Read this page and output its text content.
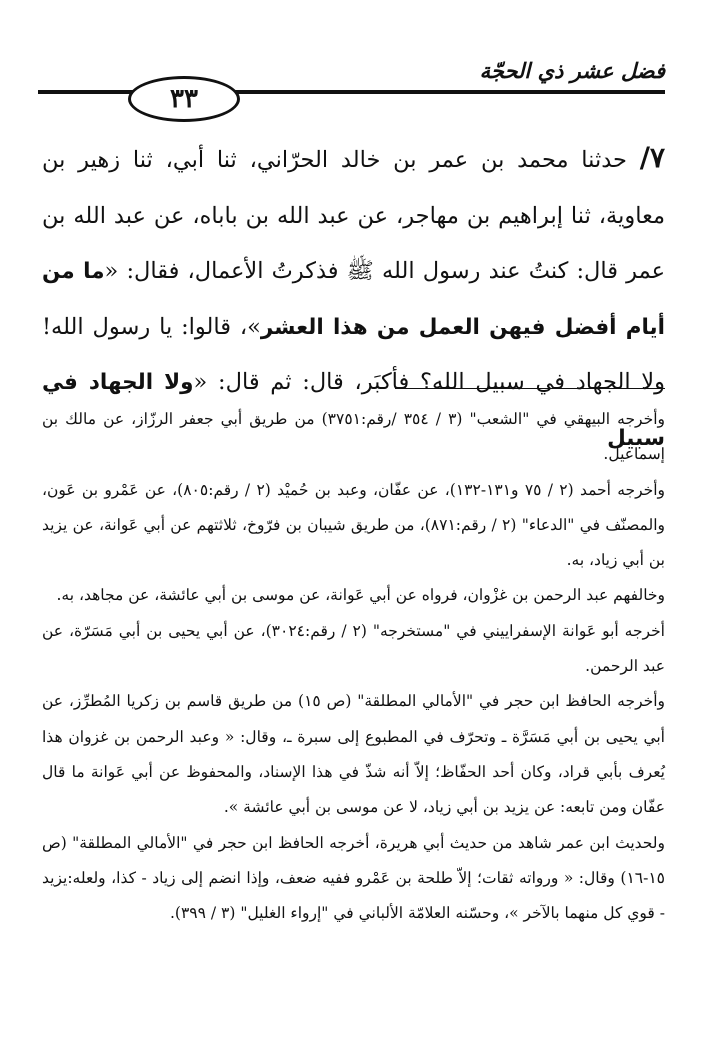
فضل عشر ذي الحجّة
٣٣
٧/ حدثنا محمد بن عمر بن خالد الحرّاني، ثنا أبي، ثنا زهير بن معاوية، ثنا إبراهيم بن مهاجر، عن عبد الله بن باباه، عن عبد الله بن عمر قال: كنتُ عند رسول الله ﷺ فذكرتُ الأعمال، فقال: «ما من أيام أفضل فيهن العمل من هذا العشر»، قالوا: يا رسول الله! ولا الجهاد في سبيل الله؟ فأكبَر، قال: ثم قال: «ولا الجهاد في سبيل

وأخرجه البيهقي في "الشعب" (٣ / ٣٥٤ /رقم:٣٧٥١) من طريق أبي جعفر الرزّاز، عن مالك بن إسماعيل.

وأخرجه أحمد (٢ / ٧٥ و١٣١-١٣٢)، عن عفّان، وعبد بن حُميْد (٢ / رقم:٨٠٥)، عن عَمْرو بن عَون، والمصنّف في "الدعاء" (٢ / رقم:٨٧١)، من طريق شيبان بن فرّوخ، ثلاثتهم عن أبي عَوانة، عن يزيد بن أبي زياد، به.

وخالفهم عبد الرحمن بن غزْوان، فرواه عن أبي عَوانة، عن موسى بن أبي عائشة، عن مجاهد، به.

أخرجه أبو عَوانة الإسفراييني في "مستخرجه" (٢ / رقم:٣٠٢٤)، عن أبي يحيى بن أبي مَسَرّة، عن عبد الرحمن.

وأخرجه الحافظ ابن حجر في "الأمالي المطلقة" (ص ١٥) من طريق قاسم بن زكريا المُطرِّز، عن أبي يحيى بن أبي مَسَرَّة ـ وتحرّف في المطبوع إلى سبرة ـ، وقال: « وعبد الرحمن بن غزوان هذا يُعرف بأبي قراد، وكان أحد الحفّاظ؛ إلاّ أنه شذّ في هذا الإسناد، والمحفوظ عن أبي عَوانة ما قال عفّان ومن تابعه: عن يزيد بن أبي زياد، لا عن موسى بن أبي عائشة ».

ولحديث ابن عمر شاهد من حديث أبي هريرة، أخرجه الحافظ ابن حجر في "الأمالي المطلقة" (ص ١٥-١٦) وقال: « ورواته ثقات؛ إلاّ طلحة بن عَمْرو ففيه ضعف، وإذا انضم إلى زياد - كذا، ولعله:يزيد - قوي كل منهما بالآخر »، وحسّنه العلامّة الألباني في "إرواء الغليل" (٣ / ٣٩٩).
